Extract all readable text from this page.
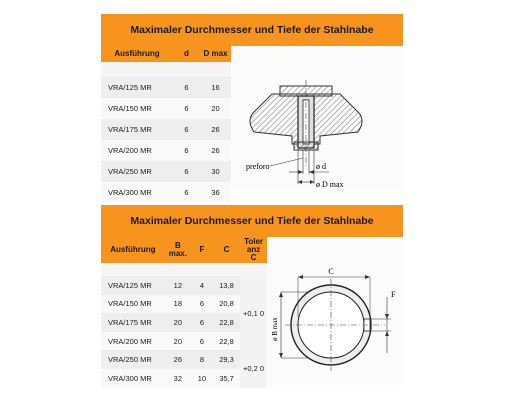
Maximaler Durchmesser und Tiefe der Stahlnabe
Ausführung	d	D max

VRA/125 MR	6	16
VRA/150 MR	6	20
VRA/175 MR	6	26
VRA/200 MR	6	26
VRA/250 MR	6	30
VRA/300 MR	6	36
preforo	ø d
ø D max
Maximaler Durchmesser und Tiefe der Stahlnabe
Ausführung	B max.	F	C	Toler anz C

VRA/125 MR	12	4	13,8	+0,1 0
VRA/150 MR	18	6	20,8	
VRA/175 MR	20	6	22,8	
VRA/200 MR	20	6	22,8	
VRA/250 MR	26	8	29,3	+0,2 0
VRA/300 MR	32	10	35,7	
C
F
ø B max
